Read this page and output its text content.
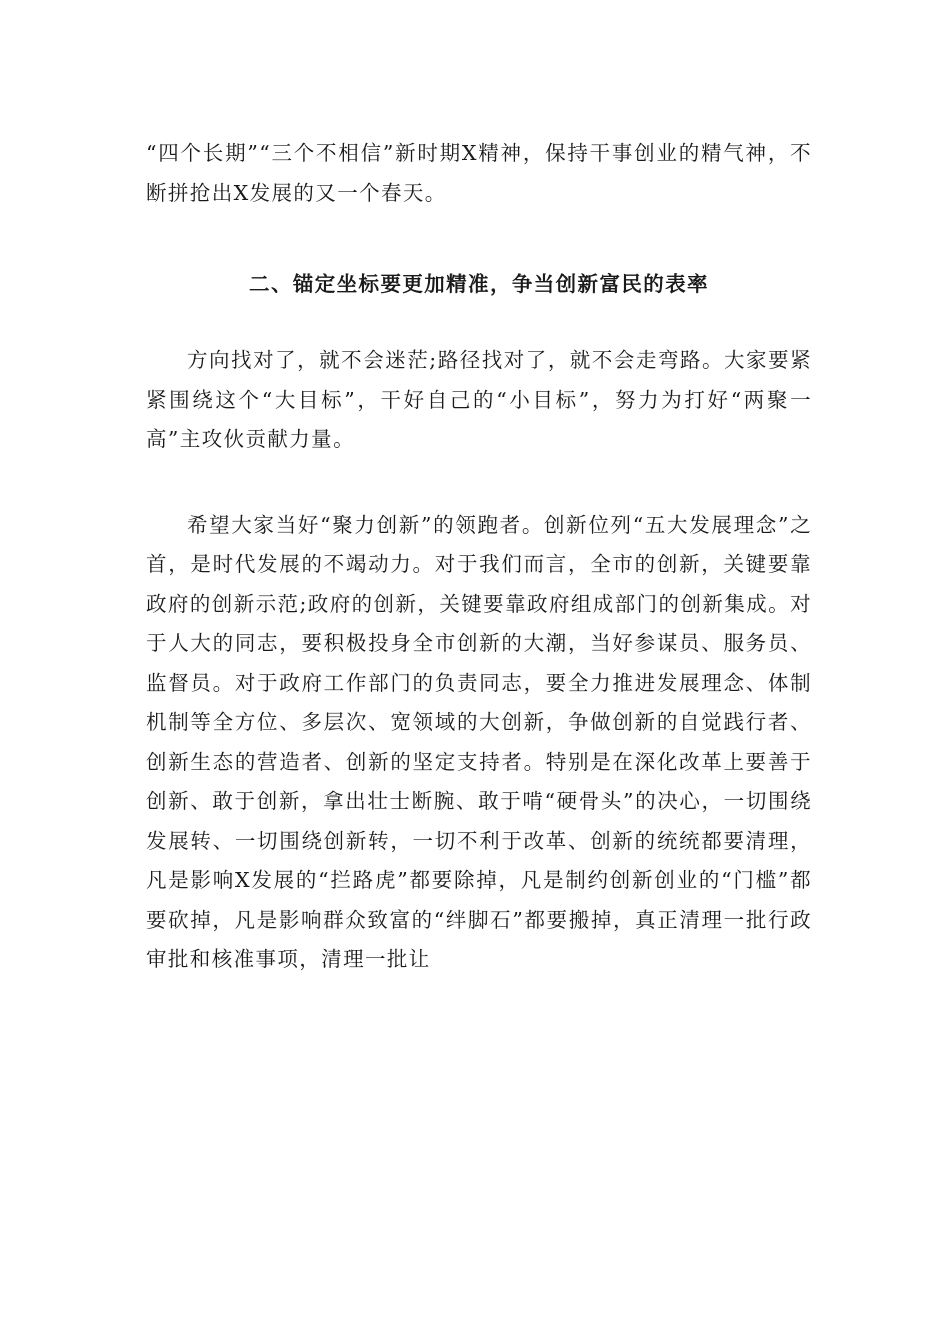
“四个长期”“三个不相信”新时期X精神，保持干事创业的精气神，不断拼抢出X发展的又一个春天。

二、锚定坐标要更加精准，争当创新富民的表率

方向找对了，就不会迷茫;路径找对了，就不会走弯路。大家要紧紧围绕这个“大目标”，干好自己的“小目标”，努力为打好“两聚一高”主攻伙贡献力量。

希望大家当好“聚力创新”的领跑者。创新位列“五大发展理念”之首，是时代发展的不竭动力。对于我们而言，全市的创新，关键要靠政府的创新示范;政府的创新，关键要靠政府组成部门的创新集成。对于人大的同志，要积极投身全市创新的大潮，当好参谋员、服务员、监督员。对于政府工作部门的负责同志，要全力推进发展理念、体制机制等全方位、多层次、宽领域的大创新，争做创新的自觉践行者、创新生态的营造者、创新的坚定支持者。特别是在深化改革上要善于创新、敢于创新，拿出壮士断腕、敢于啃“硬骨头”的决心，一切围绕发展转、一切围绕创新转，一切不利于改革、创新的统统都要清理，凡是影响X发展的“拦路虎”都要除掉，凡是制约创新创业的“门槛”都要砍掉，凡是影响群众致富的“绊脚石”都要搬掉，真正清理一批行政审批和核准事项，清理一批让
